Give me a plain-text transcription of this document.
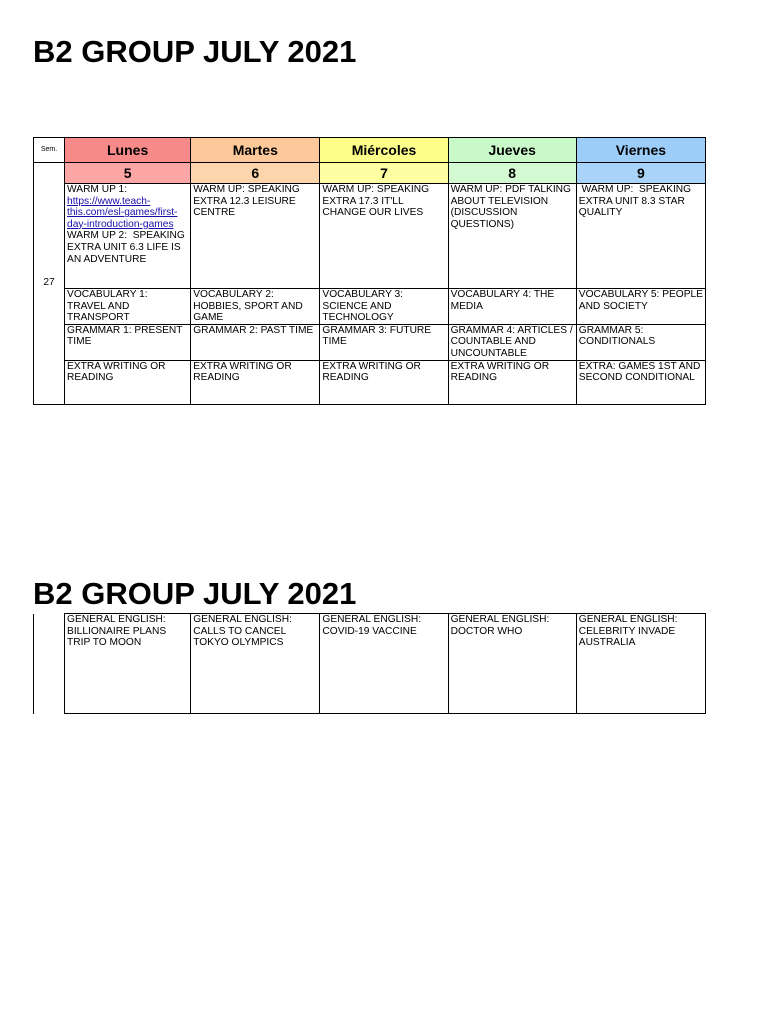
B2 GROUP JULY 2021
Sem.	Lunes	Martes	Miércoles	Jueves	Viernes
27	5	6	7	8	9

	WARM UP 1:
https://www.teach-this.com/esl-games/first-day-introduction-games
WARM UP 2:  SPEAKING EXTRA UNIT 6.3 LIFE IS AN ADVENTURE	WARM UP: SPEAKING EXTRA 12.3 LEISURE CENTRE	WARM UP: SPEAKING EXTRA 17.3 IT'LL CHANGE OUR LIVES	WARM UP: PDF TALKING ABOUT TELEVISION (DISCUSSION QUESTIONS)	WARM UP:  SPEAKING EXTRA UNIT 8.3 STAR QUALITY

	VOCABULARY 1: TRAVEL AND TRANSPORT	VOCABULARY 2: HOBBIES, SPORT AND GAME	VOCABULARY 3: SCIENCE AND TECHNOLOGY	VOCABULARY 4: THE MEDIA	VOCABULARY 5: PEOPLE AND SOCIETY
	GRAMMAR 1: PRESENT TIME	GRAMMAR 2: PAST TIME	GRAMMAR 3: FUTURE TIME	GRAMMAR 4: ARTICLES / COUNTABLE AND UNCOUNTABLE	GRAMMAR 5: CONDITIONALS
	EXTRA WRITING OR READING	EXTRA WRITING OR READING	EXTRA WRITING OR READING	EXTRA WRITING OR READING	EXTRA: GAMES 1ST AND SECOND CONDITIONAL
B2 GROUP JULY 2021
	GENERAL ENGLISH: BILLIONAIRE PLANS TRIP TO MOON	GENERAL ENGLISH: CALLS TO CANCEL TOKYO OLYMPICS	GENERAL ENGLISH: COVID-19 VACCINE	GENERAL ENGLISH: DOCTOR WHO	GENERAL ENGLISH: CELEBRITY INVADE AUSTRALIA
